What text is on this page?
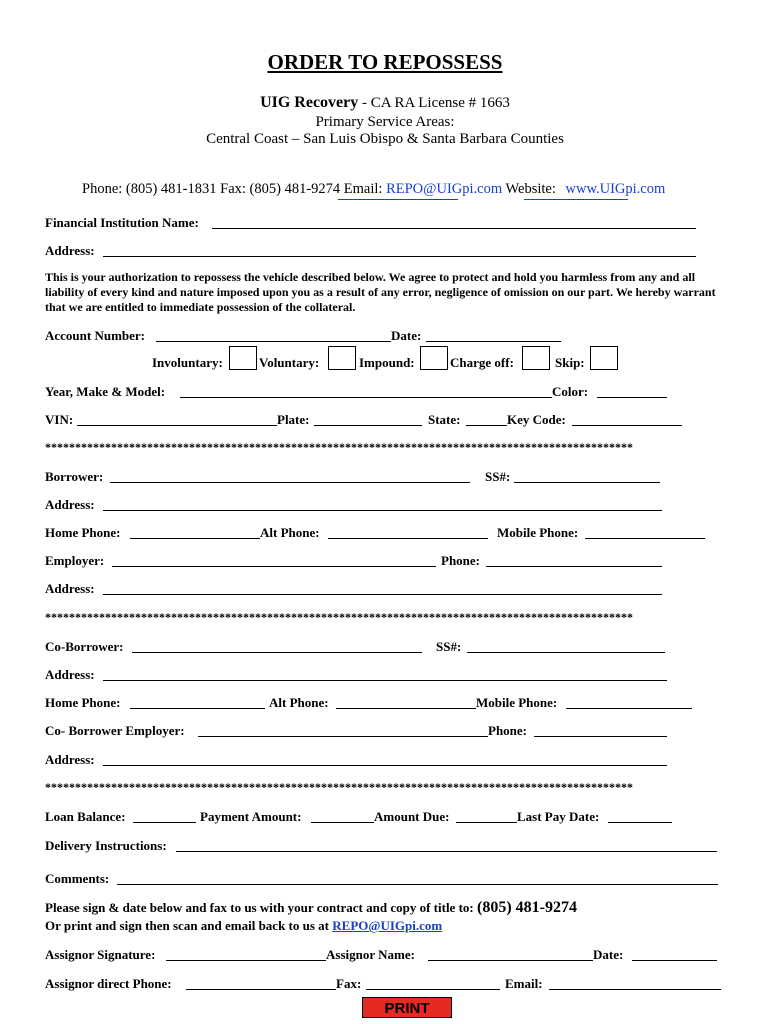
ORDER TO REPOSSESS
UIG Recovery - CA RA License # 1663
Primary Service Areas:
Central Coast – San Luis Obispo & Santa Barbara Counties
Phone: (805) 481-1831 Fax: (805) 481-9274 Email: REPO@UIGpi.com Website: www.UIGpi.com
Financial Institution Name:
Address:
This is your authorization to repossess the vehicle described below. We agree to protect and hold you harmless from any and all liability of every kind and nature imposed upon you as a result of any error, negligence of omission on our part. We hereby warrant that we are entitled to immediate possession of the collateral.
Account Number:	Date:
Involuntary:	Voluntary:	Impound:	Charge off:	Skip:
Year, Make & Model:	Color:
VIN:	Plate:	State:	Key Code:
**************************************************************************************************
Borrower:	SS#:
Address:
Home Phone:	Alt Phone:	Mobile Phone:
Employer:	Phone:
Address:
**************************************************************************************************
Co-Borrower:	SS#:
Address:
Home Phone:	Alt Phone:	Mobile Phone:
Co- Borrower Employer:	Phone:
Address:
**************************************************************************************************
Loan Balance:	Payment Amount:	Amount Due:	Last Pay Date:
Delivery Instructions:
Comments:
Please sign & date below and fax to us with your contract and copy of title to: (805) 481-9274
Or print and sign then scan and email back to us at REPO@UIGpi.com
Assignor Signature:	Assignor Name:	Date:
Assignor direct Phone:	Fax:	Email:
PRINT
